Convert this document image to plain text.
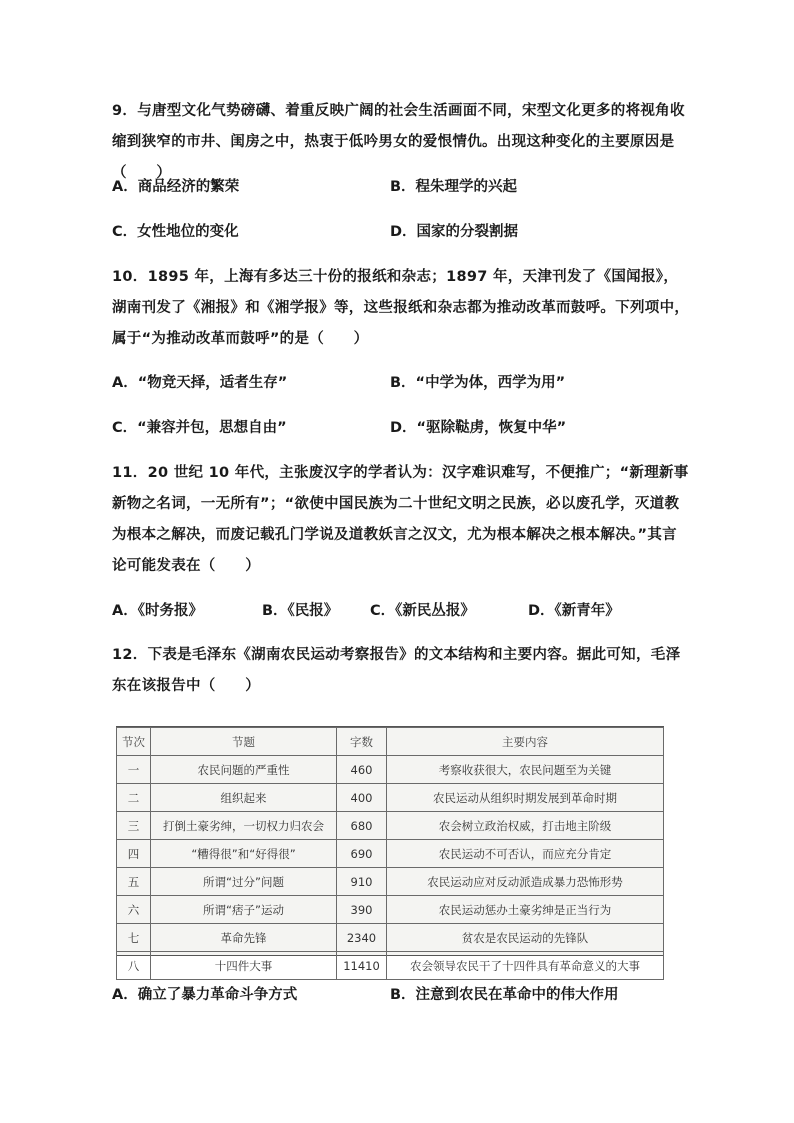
9．与唐型文化气势磅礴、着重反映广阔的社会生活画面不同，宋型文化更多的将视角收缩到狭窄的市井、闺房之中，热衷于低吟男女的爱恨情仇。出现这种变化的主要原因是（　　）
A．商品经济的繁荣	B．程朱理学的兴起
C．女性地位的变化	D．国家的分裂割据
10．1895 年，上海有多达三十份的报纸和杂志；1897 年，天津刊发了《国闻报》，湖南刊发了《湘报》和《湘学报》等，这些报纸和杂志都为推动改革而鼓呼。下列项中，属于“为推动改革而鼓呼”的是（　　）
A．“物竞天择，适者生存”	B．“中学为体，西学为用”
C．“兼容并包，思想自由”	D．“驱除鞑虏，恢复中华”
11．20 世纪 10 年代，主张废汉字的学者认为：汉字难识难写，不便推广；“新理新事新物之名词，一无所有”；“欲使中国民族为二十世纪文明之民族，必以废孔学，灭道教为根本之解决，而废记载孔门学说及道教妖言之汉文，尤为根本解决之根本解决。”其言论可能发表在（　　）
A．《时务报》	B．《民报》 C．《新民丛报》	D．《新青年》
12．下表是毛泽东《湖南农民运动考察报告》的文本结构和主要内容。据此可知，毛泽东在该报告中（　　）
节次	节题	字数	主要内容
一	农民问题的严重性	460	考察收获很大，农民问题至为关键
二	组织起来	400	农民运动从组织时期发展到革命时期
三	打倒土豪劣绅，一切权力归农会	680	农会树立政治权威，打击地主阶级
四	“糟得很”和“好得很”	690	农民运动不可否认，而应充分肯定
五	所谓“过分”问题	910	农民运动应对反动派造成暴力恐怖形势
六	所谓“痞子”运动	390	农民运动惩办土豪劣绅是正当行为
七	革命先锋	2340	贫农是农民运动的先锋队
八	十四件大事	11410	农会领导农民干了十四件具有革命意义的大事
A．确立了暴力革命斗争方式	B．注意到农民在革命中的伟大作用
